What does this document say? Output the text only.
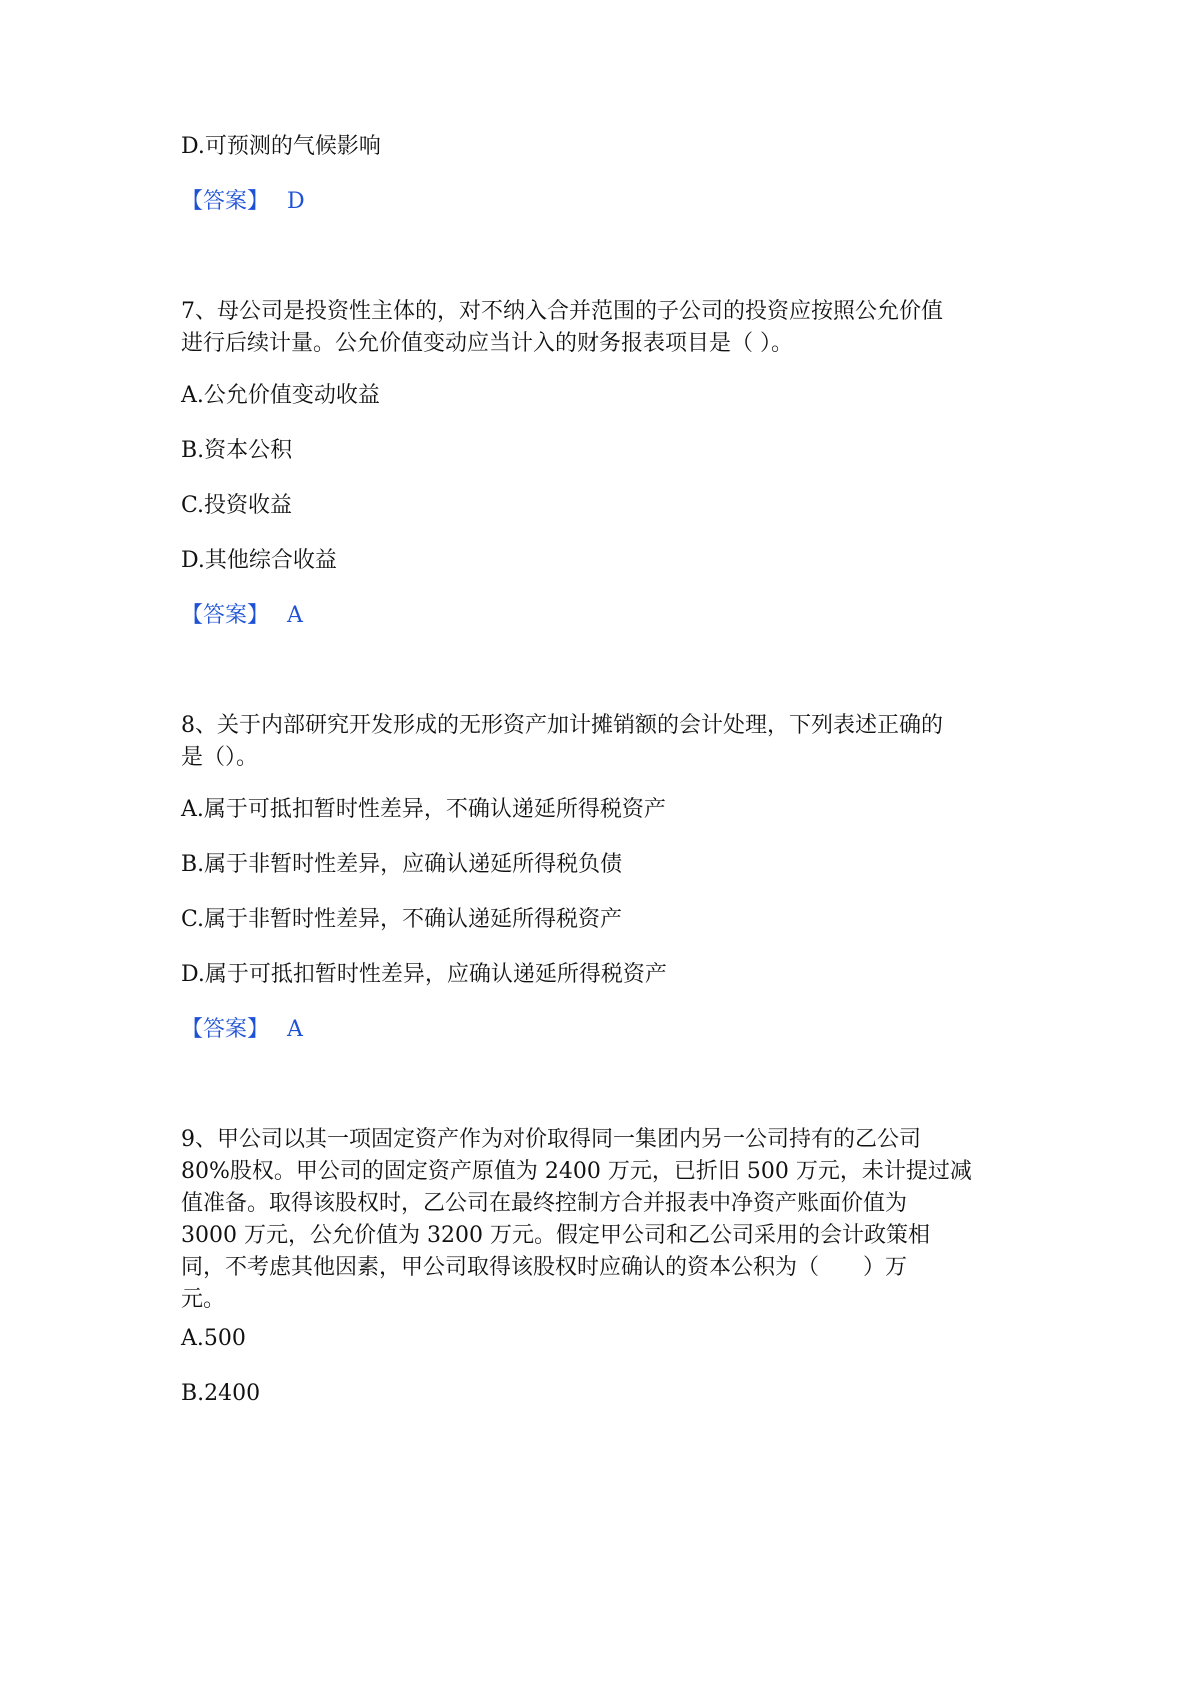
D.可预测的气候影响
【答案】 D
7、母公司是投资性主体的，对不纳入合并范围的子公司的投资应按照公允价值
进行后续计量。公允价值变动应当计入的财务报表项目是（ ）。
A.公允价值变动收益
B.资本公积
C.投资收益
D.其他综合收益
【答案】 A
8、关于内部研究开发形成的无形资产加计摊销额的会计处理，下列表述正确的
是（）。
A.属于可抵扣暂时性差异，不确认递延所得税资产
B.属于非暂时性差异，应确认递延所得税负债
C.属于非暂时性差异，不确认递延所得税资产
D.属于可抵扣暂时性差异，应确认递延所得税资产
【答案】 A
9、甲公司以其一项固定资产作为对价取得同一集团内另一公司持有的乙公司
80%股权。甲公司的固定资产原值为 2400 万元，已折旧 500 万元，未计提过减
值准备。取得该股权时，乙公司在最终控制方合并报表中净资产账面价值为
3000 万元，公允价值为 3200 万元。假定甲公司和乙公司采用的会计政策相
同，不考虑其他因素，甲公司取得该股权时应确认的资本公积为（　　）万
元。
A.500
B.2400
